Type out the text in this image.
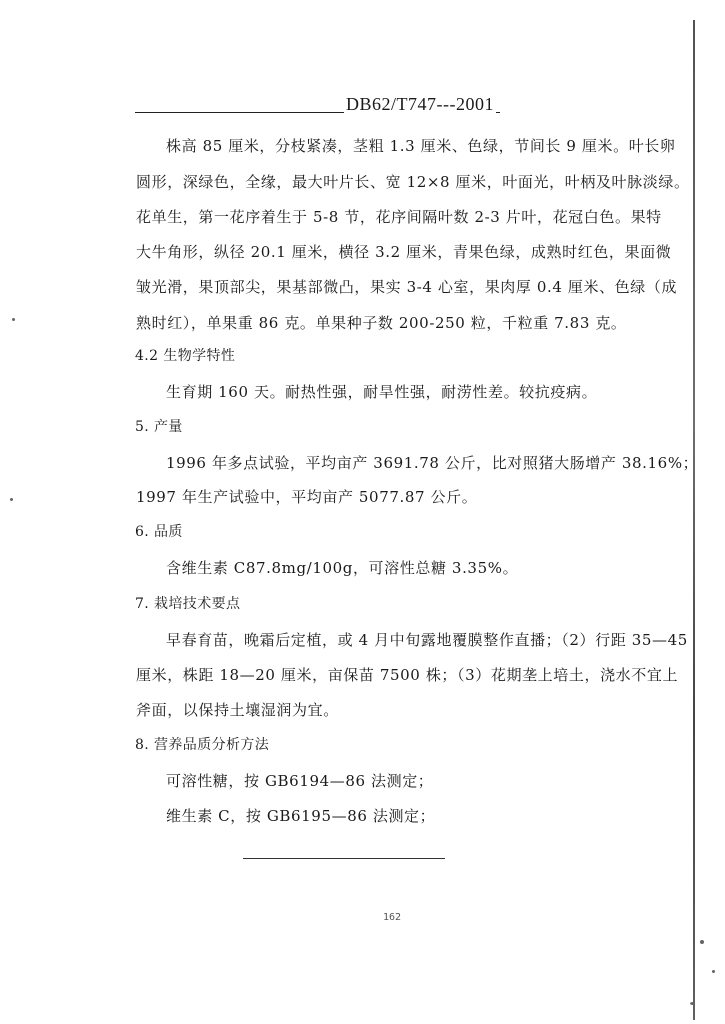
DB62/T747---2001
株高 85 厘米，分枝紧凑，茎粗 1.3 厘米、色绿，节间长 9 厘米。叶长卵
圆形，深绿色，全缘，最大叶片长、宽 12×8 厘米，叶面光，叶柄及叶脉淡绿。
花单生，第一花序着生于 5-8 节，花序间隔叶数 2-3 片叶，花冠白色。果特
大牛角形，纵径 20.1 厘米，横径 3.2 厘米，青果色绿，成熟时红色，果面微
皱光滑，果顶部尖，果基部微凸，果实 3-4 心室，果肉厚 0.4 厘米、色绿（成
熟时红），单果重 86 克。单果种子数 200-250 粒，千粒重 7.83 克。
4.2 生物学特性
生育期 160 天。耐热性强，耐旱性强，耐涝性差。较抗疫病。
5. 产量
1996 年多点试验，平均亩产 3691.78 公斤，比对照猪大肠增产 38.16%；
1997 年生产试验中，平均亩产 5077.87 公斤。
6. 品质
含维生素 C87.8mg/100g，可溶性总糖 3.35%。
7. 栽培技术要点
早春育苗，晚霜后定植，或 4 月中旬露地覆膜整作直播；（2）行距 35—45
厘米，株距 18—20 厘米，亩保苗 7500 株；（3）花期垄上培土，浇水不宜上
斧面，以保持土壤湿润为宜。
8. 营养品质分析方法
可溶性糖，按 GB6194—86 法测定；
维生素 C，按 GB6195—86 法测定；
162
